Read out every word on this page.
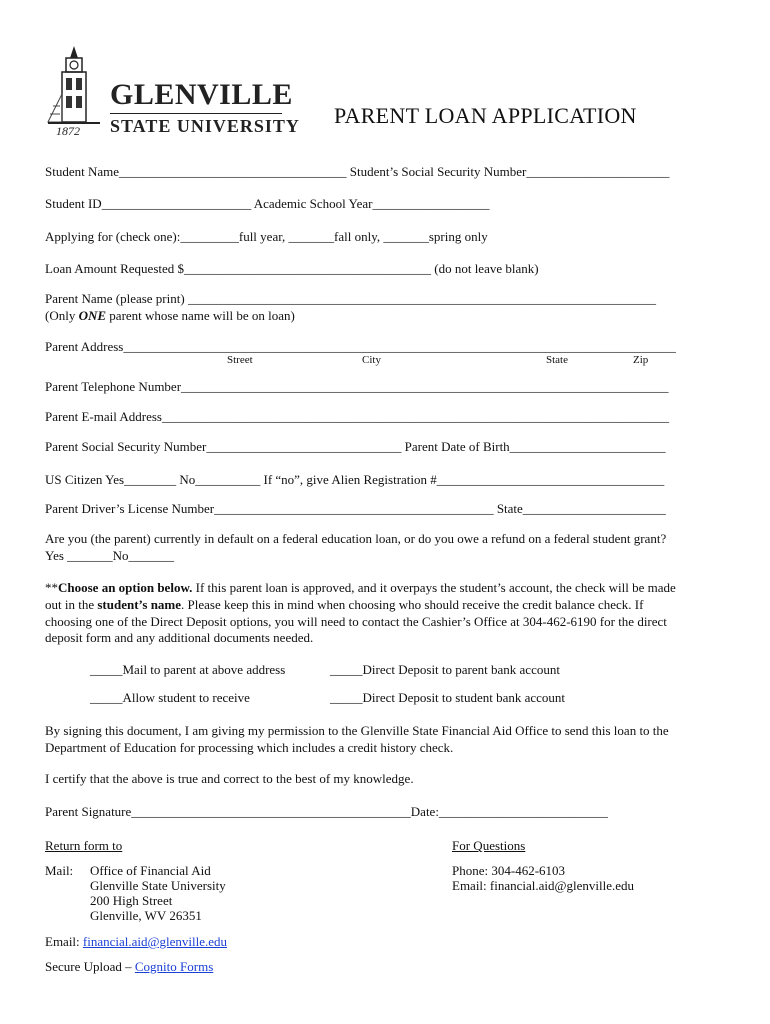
GLENVILLE
STATE UNIVERSITY
1872
PARENT LOAN APPLICATION
Student Name___________________________________ Student’s Social Security Number______________________
Student ID_______________________ Academic School Year__________________
Applying for (check one):_________full year, _______fall only, _______spring only
Loan Amount Requested $______________________________________ (do not leave blank)
Parent Name (please print) ________________________________________________________________________
(Only ONE parent whose name will be on loan)
Parent Address_____________________________________________________________________________________
Street	City	State	Zip
Parent Telephone Number___________________________________________________________________________
Parent E-mail Address______________________________________________________________________________
Parent Social Security Number______________________________ Parent Date of Birth________________________
US Citizen Yes________ No__________ If “no”, give Alien Registration #___________________________________
Parent Driver’s License Number___________________________________________ State______________________
Are you (the parent) currently in default on a federal education loan, or do you owe a refund on a federal student grant?
Yes _______No_______
**Choose an option below. If this parent loan is approved, and it overpays the student’s account, the check will be made
out in the student’s name. Please keep this in mind when choosing who should receive the credit balance check. If
choosing one of the Direct Deposit options, you will need to contact the Cashier’s Office at 304-462-6190 for the direct
deposit form and any additional documents needed.
_____Mail to parent at above address	_____Direct Deposit to parent bank account
_____Allow student to receive	_____Direct Deposit to student bank account
By signing this document, I am giving my permission to the Glenville State Financial Aid Office to send this loan to the
Department of Education for processing which includes a credit history check.
I certify that the above is true and correct to the best of my knowledge.
Parent Signature___________________________________________Date:__________________________
Return form to
Mail: Office of Financial Aid
Glenville State University
200 High Street
Glenville, WV 26351
Email: financial.aid@glenville.edu
Secure Upload – Cognito Forms
For Questions
Phone: 304-462-6103
Email: financial.aid@glenville.edu
